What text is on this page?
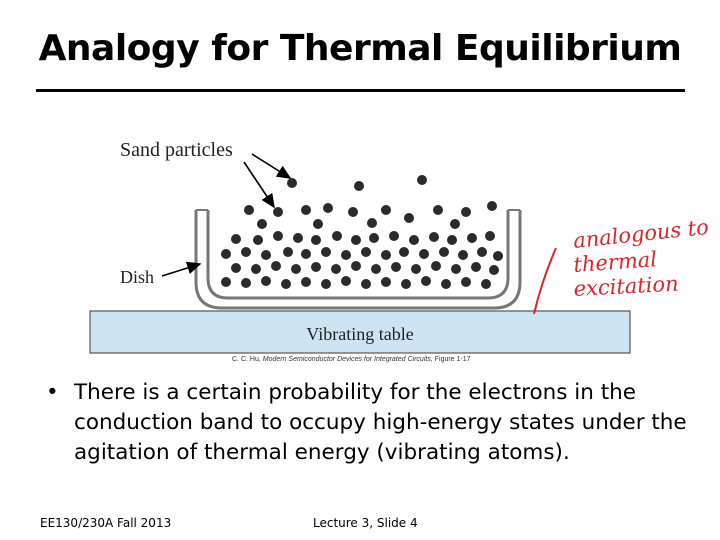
Analogy for Thermal Equilibrium
Vibrating table
Sand particles
Dish
analogous to
thermal
excitation
C. C. Hu, Modern Semiconductor Devices for Integrated Circuits, Figure 1-17
• There is a certain probability for the electrons in the conduction band to occupy high-energy states under the agitation of thermal energy (vibrating atoms).
EE130/230A Fall 2013	Lecture 3, Slide 4
